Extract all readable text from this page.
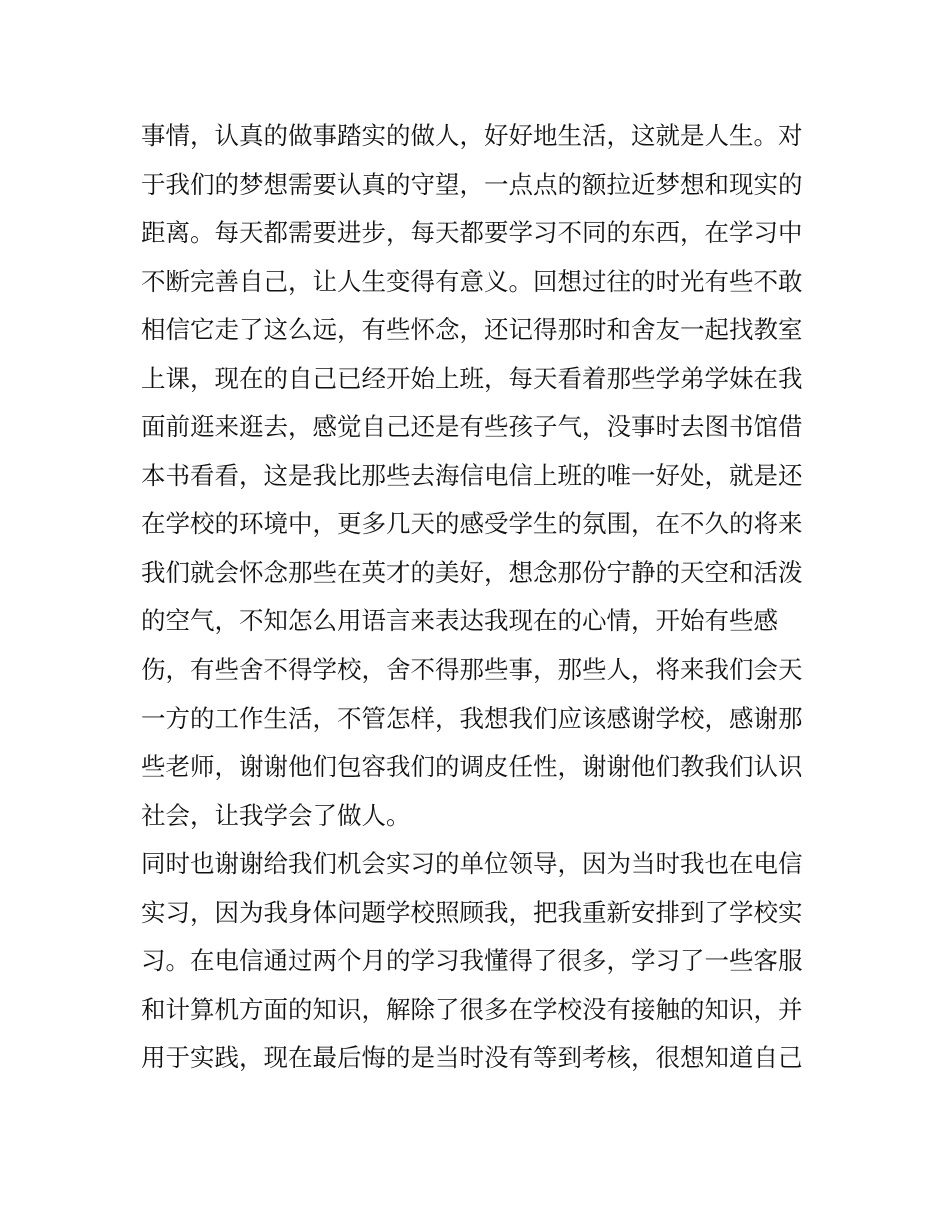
事情，认真的做事踏实的做人，好好地生活，这就是人生。对
于我们的梦想需要认真的守望，一点点的额拉近梦想和现实的
距离。每天都需要进步，每天都要学习不同的东西，在学习中
不断完善自己，让人生变得有意义。回想过往的时光有些不敢
相信它走了这么远，有些怀念，还记得那时和舍友一起找教室
上课，现在的自己已经开始上班，每天看着那些学弟学妹在我
面前逛来逛去，感觉自己还是有些孩子气，没事时去图书馆借
本书看看，这是我比那些去海信电信上班的唯一好处，就是还
在学校的环境中，更多几天的感受学生的氛围，在不久的将来
我们就会怀念那些在英才的美好，想念那份宁静的天空和活泼
的空气，不知怎么用语言来表达我现在的心情，开始有些感
伤，有些舍不得学校，舍不得那些事，那些人，将来我们会天
一方的工作生活，不管怎样，我想我们应该感谢学校，感谢那
些老师，谢谢他们包容我们的调皮任性，谢谢他们教我们认识
社会，让我学会了做人。
同时也谢谢给我们机会实习的单位领导，因为当时我也在电信
实习，因为我身体问题学校照顾我，把我重新安排到了学校实
习。在电信通过两个月的学习我懂得了很多，学习了一些客服
和计算机方面的知识，解除了很多在学校没有接触的知识，并
用于实践，现在最后悔的是当时没有等到考核，很想知道自己
